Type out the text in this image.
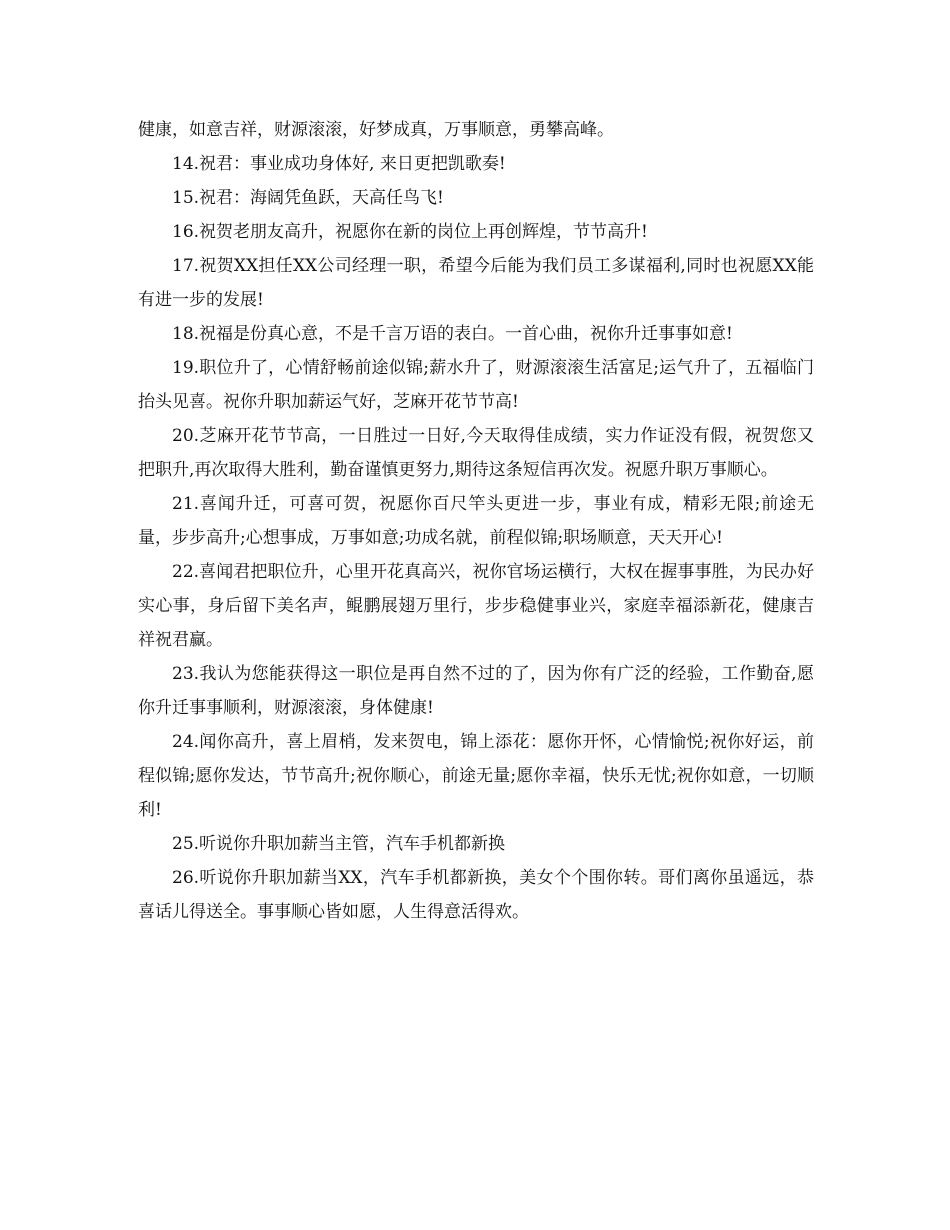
健康，如意吉祥，财源滚滚，好梦成真，万事顺意，勇攀高峰。

14.祝君：事业成功身体好, 来日更把凯歌奏!

15.祝君：海阔凭鱼跃，天高任鸟飞!

16.祝贺老朋友高升，祝愿你在新的岗位上再创辉煌，节节高升!

17.祝贺XX担任XX公司经理一职，希望今后能为我们员工多谋福利,同时也祝愿XX能有进一步的发展!

18.祝福是份真心意，不是千言万语的表白。一首心曲，祝你升迁事事如意!

19.职位升了，心情舒畅前途似锦;薪水升了，财源滚滚生活富足;运气升了，五福临门抬头见喜。祝你升职加薪运气好，芝麻开花节节高!

20.芝麻开花节节高，一日胜过一日好,今天取得佳成绩，实力作证没有假，祝贺您又把职升,再次取得大胜利，勤奋谨慎更努力,期待这条短信再次发。祝愿升职万事顺心。

21.喜闻升迁，可喜可贺，祝愿你百尺竿头更进一步，事业有成，精彩无限;前途无量，步步高升;心想事成，万事如意;功成名就，前程似锦;职场顺意，天天开心!

22.喜闻君把职位升，心里开花真高兴，祝你官场运横行，大权在握事事胜，为民办好实心事，身后留下美名声，鲲鹏展翅万里行，步步稳健事业兴，家庭幸福添新花，健康吉祥祝君赢。

23.我认为您能获得这一职位是再自然不过的了，因为你有广泛的经验，工作勤奋,愿你升迁事事顺利，财源滚滚，身体健康!

24.闻你高升，喜上眉梢，发来贺电，锦上添花：愿你开怀，心情愉悦;祝你好运，前程似锦;愿你发达，节节高升;祝你顺心，前途无量;愿你幸福，快乐无忧;祝你如意，一切顺利!

25.听说你升职加薪当主管，汽车手机都新换

26.听说你升职加薪当XX，汽车手机都新换，美女个个围你转。哥们离你虽遥远，恭喜话儿得送全。事事顺心皆如愿，人生得意活得欢。
